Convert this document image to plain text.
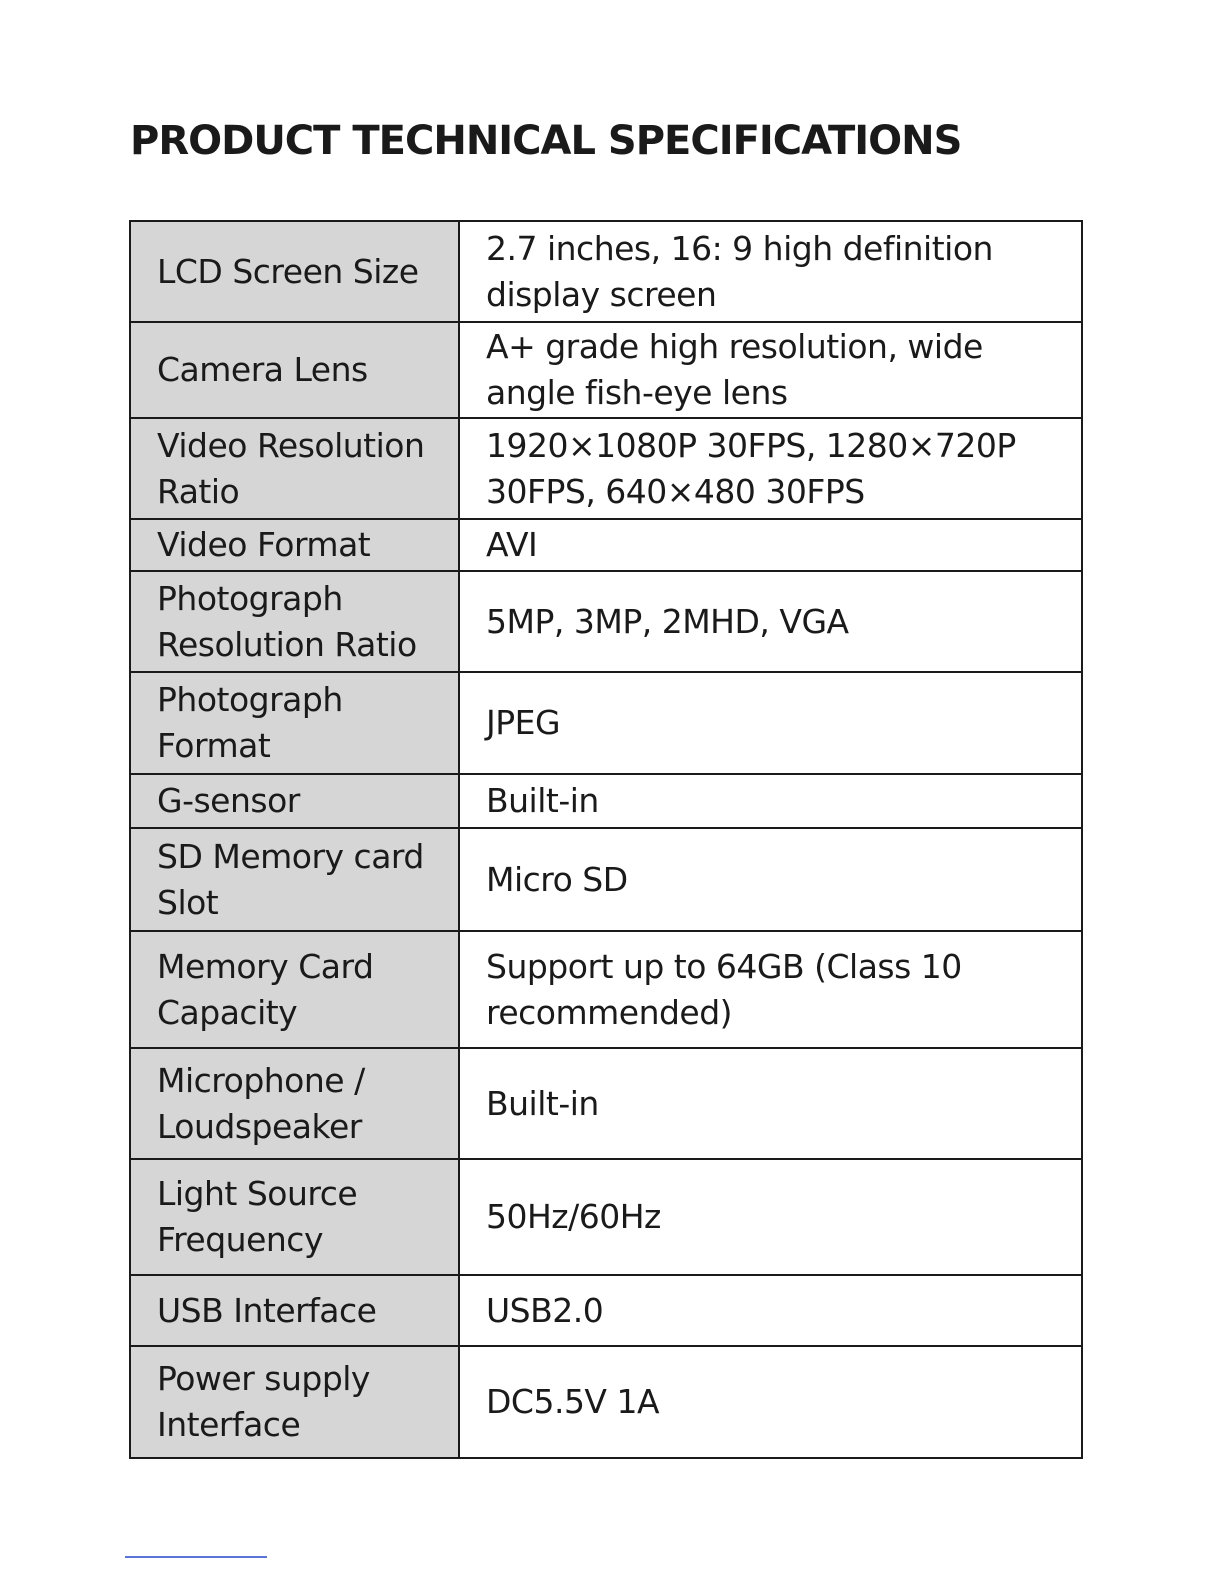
PRODUCT TECHNICAL SPECIFICATIONS
LCD Screen Size	2.7 inches, 16: 9 high definition display screen
Camera Lens	A+ grade high resolution, wide angle fish-eye lens
Video Resolution Ratio	1920×1080P 30FPS, 1280×720P 30FPS, 640×480 30FPS
Video Format	AVI
Photograph Resolution Ratio	5MP, 3MP, 2MHD, VGA
Photograph Format	JPEG
G-sensor	Built-in
SD Memory card Slot	Micro SD
Memory Card Capacity	Support up to 64GB (Class 10 recommended)
Microphone / Loudspeaker	Built-in
Light Source Frequency	50Hz/60Hz
USB Interface	USB2.0
Power supply Interface	DC5.5V 1A
